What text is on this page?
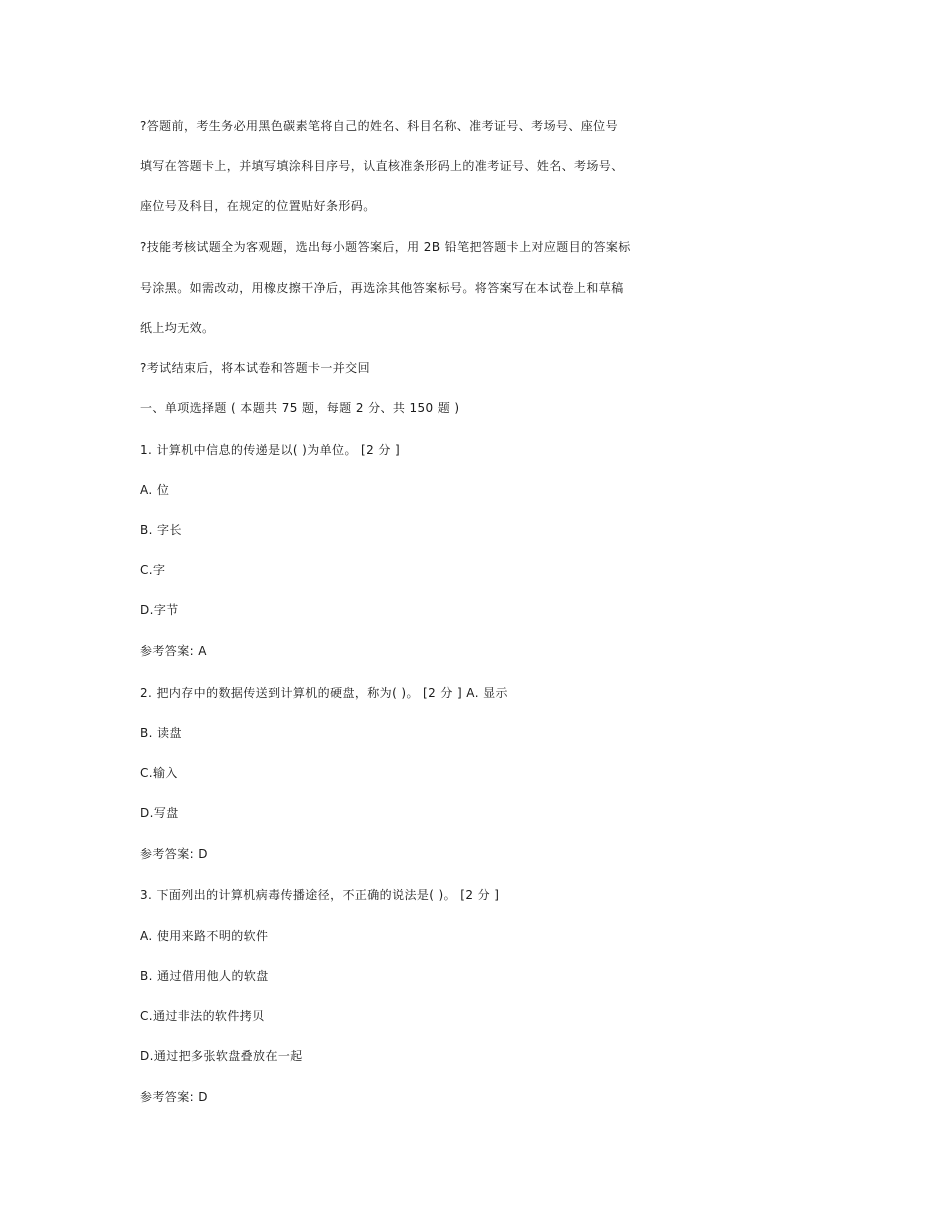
?答题前，考生务必用黑色碳素笔将自己的姓名、科目名称、准考证号、考场号、座位号
填写在答题卡上，并填写填涂科目序号，认直核准条形码上的准考证号、姓名、考场号、
座位号及科目，在规定的位置贴好条形码。
?技能考核试题全为客观题，选出每小题答案后，用 2B 铅笔把答题卡上对应题目的答案标
号涂黑。如需改动，用橡皮擦干净后，再选涂其他答案标号。将答案写在本试卷上和草稿
纸上均无效。
?考试结束后，将本试卷和答题卡一并交回
一、单项选择题 ( 本题共 75 题，每题 2 分、共 150 题 )
1. 计算机中信息的传递是以( )为单位。 [2 分 ]
A. 位
B. 字长
C.字
D.字节
参考答案: A
2. 把内存中的数据传送到计算机的硬盘，称为( )。 [2 分 ] A. 显示
B. 读盘
C.输入
D.写盘
参考答案: D
3. 下面列出的计算机病毒传播途径，不正确的说法是( )。 [2 分 ]
A. 使用来路不明的软件
B. 通过借用他人的软盘
C.通过非法的软件拷贝
D.通过把多张软盘叠放在一起
参考答案: D
